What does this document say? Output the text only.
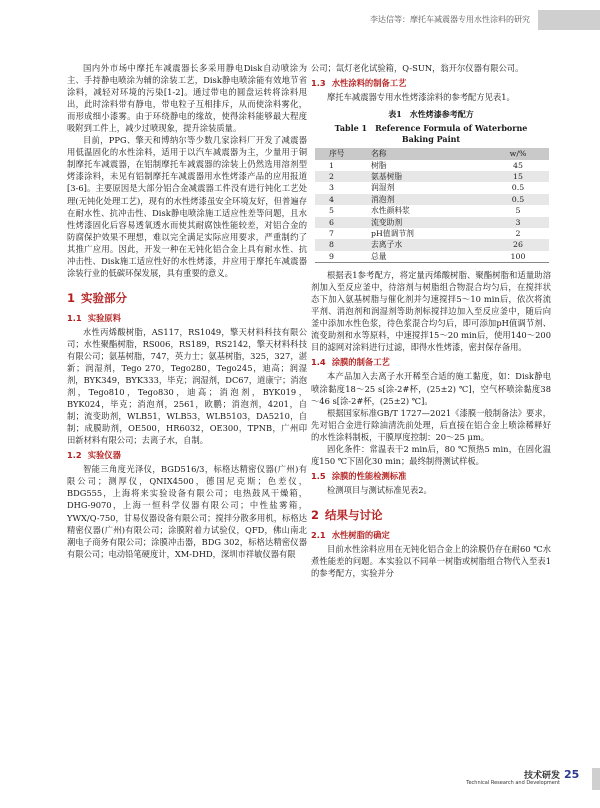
李达信等：摩托车减震器专用水性涂料的研究

国内外市场中摩托车减震器长多采用静电Disk自动喷涂为主、手持静电喷涂为辅的涂装工艺，Disk静电喷涂能有效地节省涂料，减轻对环境的污染[1-2]。通过带电的圆盘运转将涂料甩出，此时涂料带有静电，带电粒子互相排斥，从而使涂料雾化，而形成细小漆雾。由于环绕静电的缘故，使得涂料能够最大程度吸附到工件上，减少过喷现象，提升涂装质量。

目前，PPG、擎天和博纳尔等少数几家涂料厂开发了减震器用低温固化的水性涂料，适用于以汽车减震器为主，少量用于铜制摩托车减震器，在铝制摩托车减震器的涂装上仍然选用溶剂型烤漆涂料，未见有铝制摩托车减震器用水性烤漆产品的应用报道[3-6]。主要原因是大部分铝合金减震器工件没有进行钝化工艺处理(无钝化处理工艺)，现有的水性烤漆虽安全环境友好，但普遍存在耐水性、抗冲击性、Disk静电喷涂施工适应性差等问题，且水性烤漆固化后容易透氧透水而使其耐腐蚀性能较差，对铝合金的防腐保护效果不理想，难以完全满足实际应用要求，严重制约了其推广应用。因此，开发一种在无钝化铝合金上具有耐水性、抗冲击性、Disk施工适应性好的水性烤漆，并应用于摩托车减震器涂装行业的低碳环保发展，具有重要的意义。

1 实验部分
1.1 实验原料

水性丙烯酸树脂，AS117，RS1049，擎天材料科技有限公司；水性聚酯树脂，RS006，RS189，RS2142，擎天材料科技有限公司；氨基树脂，747，英力士；氨基树脂，325，327，湛新；润湿剂，Tego 270，Tego280，Tego245，迪高；润湿剂，BYK349，BYK333，毕克；润湿剂，DC67，道康宁；消泡剂，Tego810，Tego830，迪高；消泡剂，BYK019，BYK024，毕克；消泡剂，2561，欧鹏；消泡剂，4201，自制；流变助剂，WLB51，WLB53，WLB5103，DA5210，自制；成膜助剂，OE500，HR6032，OE300，TPNB，广州印田新材料有限公司；去离子水，自制。

1.2 实验仪器

智能三角度光泽仪，BGD516/3，标格达精密仪器(广州)有限公司；测厚仪，QNIX4500，德国尼克斯；色差仪，BDG555，上海将来实验设备有限公司；电热鼓风干燥箱，DHG-9070，上海一恒科学仪器有限公司；中性盐雾箱，YWX/Q-750，甘易仪器设备有限公司；搅拌分散多用机，标格达精密仪器(广州)有限公司；涂膜附着力试验仪，QFD，佛山南北潮电子商务有限公司；涂膜冲击器，BDG 302，标格达精密仪器有限公司；电动铅笔硬度计，XM-DHD，深圳市祥敏仪器有限

公司；氙灯老化试验箱，Q-SUN，翁开尔仪器有限公司。

1.3 水性涂料的制备工艺

摩托车减震器专用水性烤漆涂料的参考配方见表1。

表1　水性烤漆参考配方
Table 1　Reference Formula of Waterborne
Baking Paint
序号	名称	w/%
1	树脂	45
2	氨基树脂	15
3	润湿剂	0.5
4	消泡剂	0.5
5	水性颜料浆	5
6	流变助剂	3
7	pH值调节剂	2
8	去离子水	26
9	总量	100

根据表1参考配方，将定量丙烯酸树脂、聚酯树脂和适量助溶剂加入至反应釜中，待溶剂与树脂组合物混合均匀后，在搅拌状态下加入氨基树脂与催化剂并匀速搅拌5～10 min后，依次将流平剂、消泡剂和润湿剂等助剂标搅拌边加入至反应釜中，随后向釜中添加水性色浆，待色浆混合均匀后，即可添加pH值调节剂、流变助剂和水等原料，中速搅拌15～20 min后，使用140～200目的滤网对涂料进行过滤，即得水性烤漆，密封保存备用。

1.4 涂膜的制备工艺

本产品加入去离子水开稀至合适的施工黏度，如：Disk静电喷涂黏度18～25 s[涂-2#杯，(25±2) ℃]，空气杯喷涂黏度38～46 s[涂-2#杯，(25±2) ℃]。

根据国家标准GB/T 1727—2021《漆膜一般制备法》要求，先对铝合金进行除油清洗前处理，后直接在铝合金上喷涂稀释好的水性涂料制板，干膜厚度控制：20～25 μm。

固化条件：常温表干2 min后，80 ℃预热5 min，在固化温度150 ℃下固化30 min；最终制得测试样板。

1.5 涂膜的性能检测标准

检测项目与测试标准见表2。

2 结果与讨论
2.1 水性树脂的确定

目前水性涂料应用在无钝化铝合金上的涂膜仍存在耐60 ℃水煮性能差的问题。本实验以不同单一树脂或树脂组合物代入至表1的参考配方，实验并分

技术研发
Technical Research and Development
25
